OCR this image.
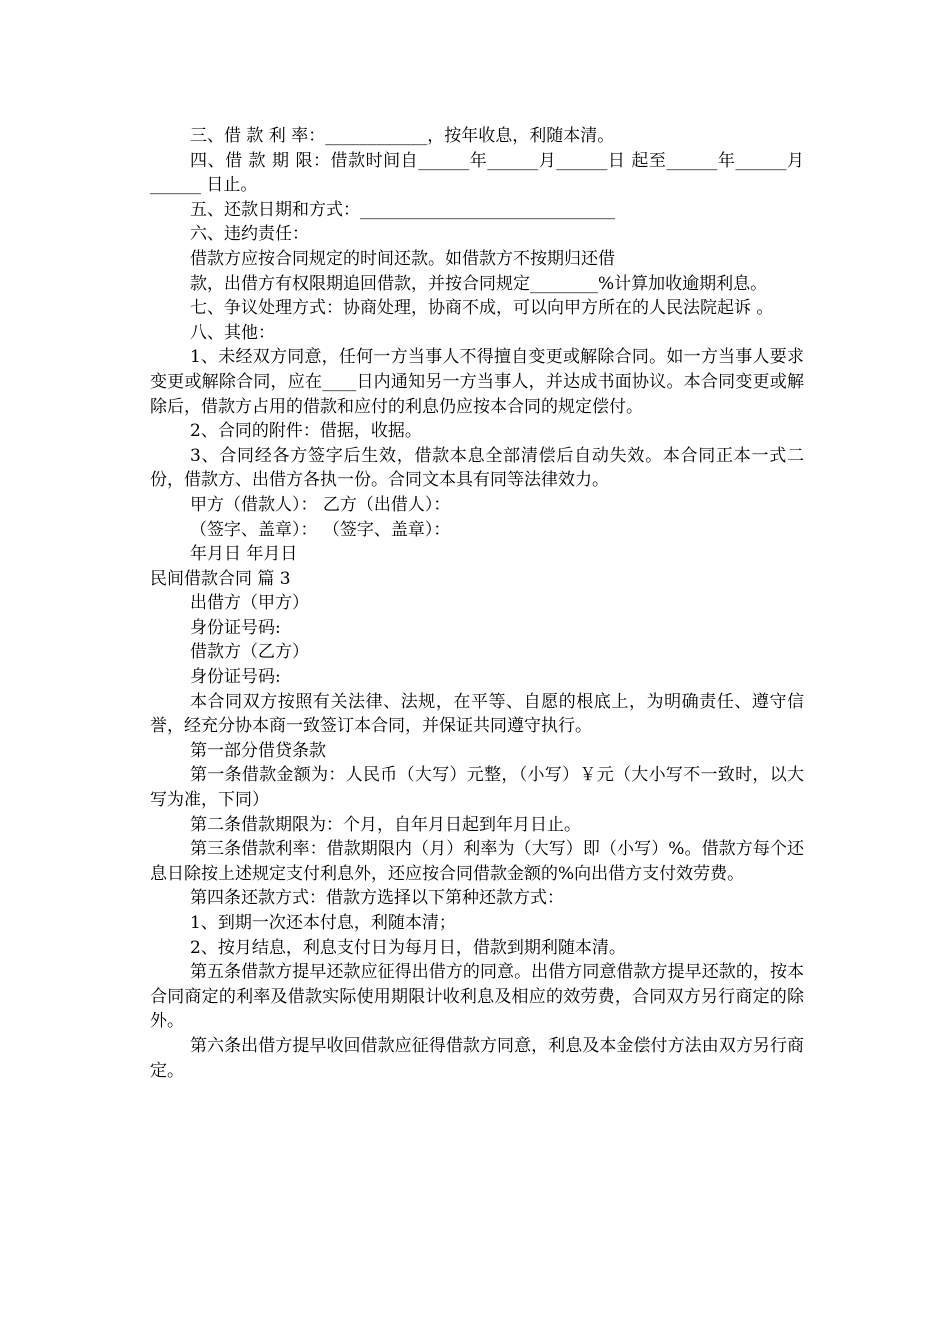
三、借 款 利 率：____________，按年收息，利随本清。

四、借 款 期 限：借款时间自______年______月______日 起至______年______月______ 日止。

五、还款日期和方式：______________________________

六、违约责任：

借款方应按合同规定的时间还款。如借款方不按期归还借

款，出借方有权限期追回借款，并按合同规定________%计算加收逾期利息。

七、争议处理方式：协商处理，协商不成，可以向甲方所在的人民法院起诉 。

八、其他：

1、未经双方同意，任何一方当事人不得擅自变更或解除合同。如一方当事人要求变更或解除合同，应在____日内通知另一方当事人，并达成书面协议。本合同变更或解除后，借款方占用的借款和应付的利息仍应按本合同的规定偿付。

2、合同的附件：借据，收据。

3、合同经各方签字后生效，借款本息全部清偿后自动失效。本合同正本一式二份，借款方、出借方各执一份。合同文本具有同等法律效力。

甲方（借款人）： 乙方（出借人）：

（签字、盖章）： （签字、盖章）：

年月日 年月日

民间借款合同 篇 3

出借方（甲方）

身份证号码:

借款方（乙方）

身份证号码:

本合同双方按照有关法律、法规，在平等、自愿的根底上，为明确责任、遵守信誉，经充分协本商一致签订本合同，并保证共同遵守执行。

第一部分借贷条款

第一条借款金额为：人民币（大写）元整，（小写）￥元（大小写不一致时，以大写为准，下同）

第二条借款期限为：个月，自年月日起到年月日止。

第三条借款利率：借款期限内（月）利率为（大写）即（小写）%。借款方每个还息日除按上述规定支付利息外，还应按合同借款金额的%向出借方支付效劳费。

第四条还款方式：借款方选择以下第种还款方式：

1、到期一次还本付息，利随本清；

2、按月结息，利息支付日为每月日，借款到期利随本清。

第五条借款方提早还款应征得出借方的同意。出借方同意借款方提早还款的，按本合同商定的利率及借款实际使用期限计收利息及相应的效劳费，合同双方另行商定的除外。

第六条出借方提早收回借款应征得借款方同意，利息及本金偿付方法由双方另行商定。
